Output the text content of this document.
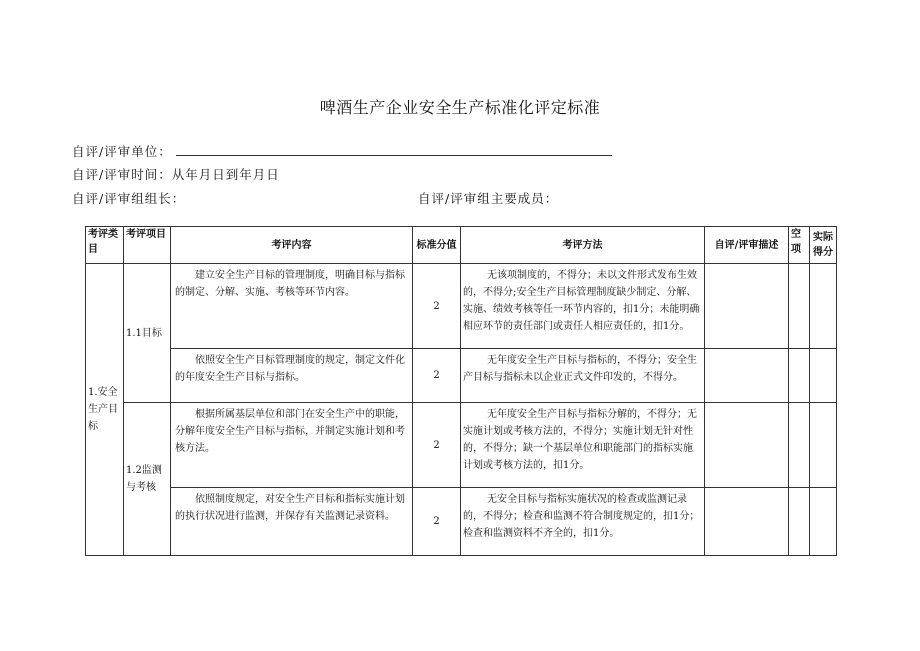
啤酒生产企业安全生产标准化评定标准
自评/评审单位：
自评/评审时间：从年月日到年月日
自评/评审组组长：	自评/评审组主要成员：
考评类目	考评项目	考评内容	标准分值	考评方法	自评/评审描述	空项	实际得分
1.安全生产目标	1.1目标	建立安全生产目标的管理制度，明确目标与指标的制定、分解、实施、考核等环节内容。	2	无该项制度的，不得分；未以文件形式发布生效的，不得分;安全生产目标管理制度缺少制定、分解、实施、绩效考核等任一环节内容的，扣1分；未能明确相应环节的责任部门或责任人相应责任的，扣1分。			
		依照安全生产目标管理制度的规定，制定文件化的年度安全生产目标与指标。	2	无年度安全生产目标与指标的，不得分；安全生产目标与指标未以企业正式文件印发的，不得分。			
	1.2监测与考核	根据所属基层单位和部门在安全生产中的职能，分解年度安全生产目标与指标，并制定实施计划和考核方法。	2	无年度安全生产目标与指标分解的，不得分；无实施计划或考核方法的，不得分；实施计划无针对性的，不得分；缺一个基层单位和职能部门的指标实施计划或考核方法的，扣1分。			
		依照制度规定，对安全生产目标和指标实施计划的执行状况进行监测，并保存有关监测记录资料。	2	无安全目标与指标实施状况的检查或监测记录的，不得分；检查和监测不符合制度规定的，扣1分；检查和监测资料不齐全的，扣1分。			
